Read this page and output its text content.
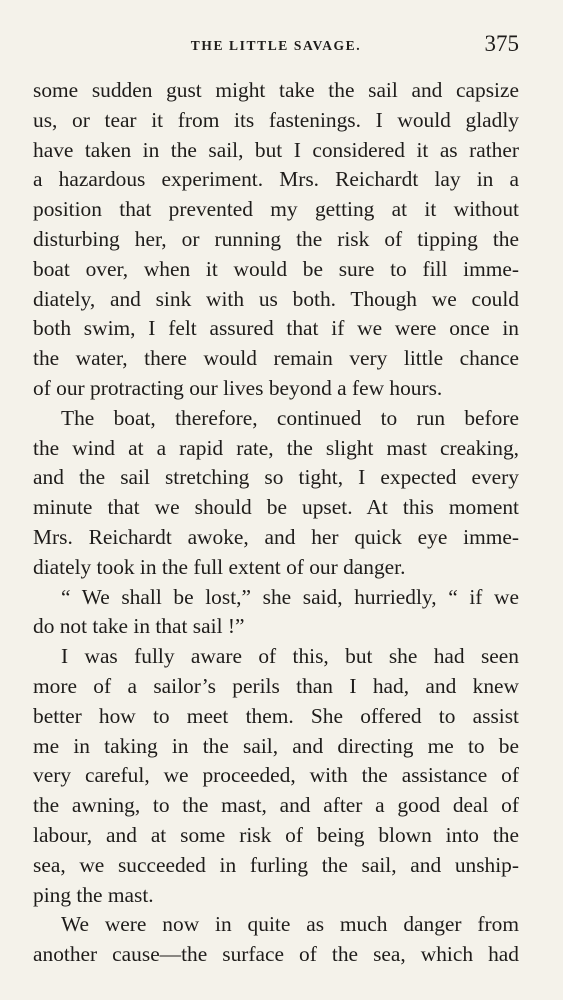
THE LITTLE SAVAGE.	375
some sudden gust might take the sail and capsize
us, or tear it from its fastenings. I would gladly
have taken in the sail, but I considered it as rather
a hazardous experiment. Mrs. Reichardt lay in a
position that prevented my getting at it without
disturbing her, or running the risk of tipping the
boat over, when it would be sure to fill imme-
diately, and sink with us both. Though we could
both swim, I felt assured that if we were once in
the water, there would remain very little chance
of our protracting our lives beyond a few hours.
The boat, therefore, continued to run before
the wind at a rapid rate, the slight mast creaking,
and the sail stretching so tight, I expected every
minute that we should be upset. At this moment
Mrs. Reichardt awoke, and her quick eye imme-
diately took in the full extent of our danger.
“ We shall be lost,” she said, hurriedly, “ if we
do not take in that sail !”
I was fully aware of this, but she had seen
more of a sailor’s perils than I had, and knew
better how to meet them. She offered to assist
me in taking in the sail, and directing me to be
very careful, we proceeded, with the assistance of
the awning, to the mast, and after a good deal of
labour, and at some risk of being blown into the
sea, we succeeded in furling the sail, and unship-
ping the mast.
We were now in quite as much danger from
another cause—the surface of the sea, which had
